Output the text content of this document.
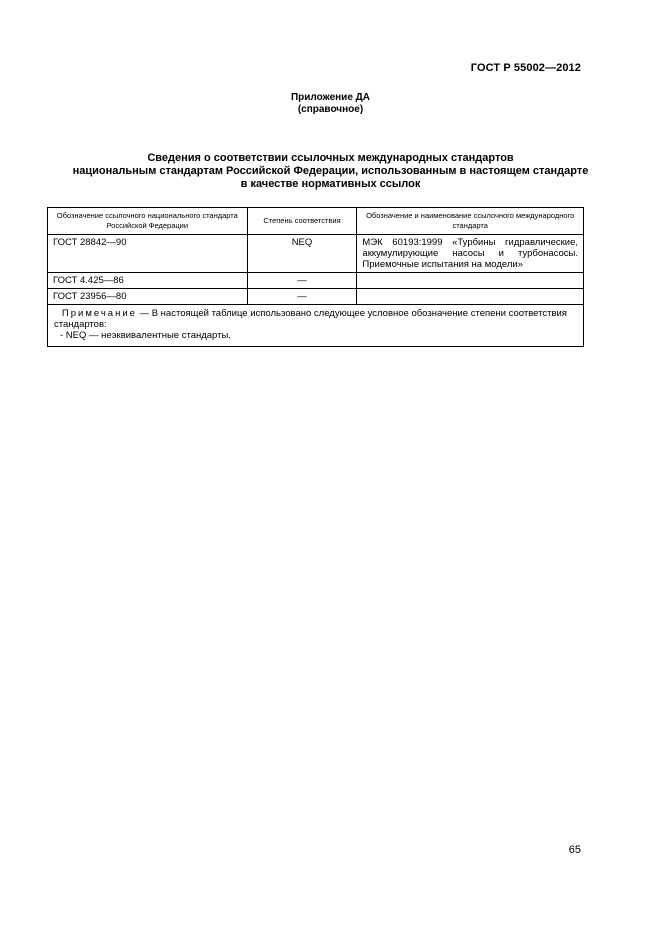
ГОСТ Р 55002—2012
Приложение ДА
(справочное)
Сведения о соответствии ссылочных международных стандартов
национальным стандартам Российской Федерации, использованным в настоящем стандарте
в качестве нормативных ссылок
Обозначение ссылочного национального стандарта Российской Федерации	Степень соответствия	Обозначение и наименование ссылочного международного стандарта
ГОСТ 28842—90	NEQ	МЭК 60193:1999 «Турбины гидравлические, аккумулирующие насосы и турбонасосы. Приемочные испытания на модели»
ГОСТ 4.425—86	—	
ГОСТ 23956—80	—	

Примечание — В настоящей таблице использовано следующее условное обозначение степени соответствия стандартов:
- NEQ — неэквивалентные стандарты.		
65
